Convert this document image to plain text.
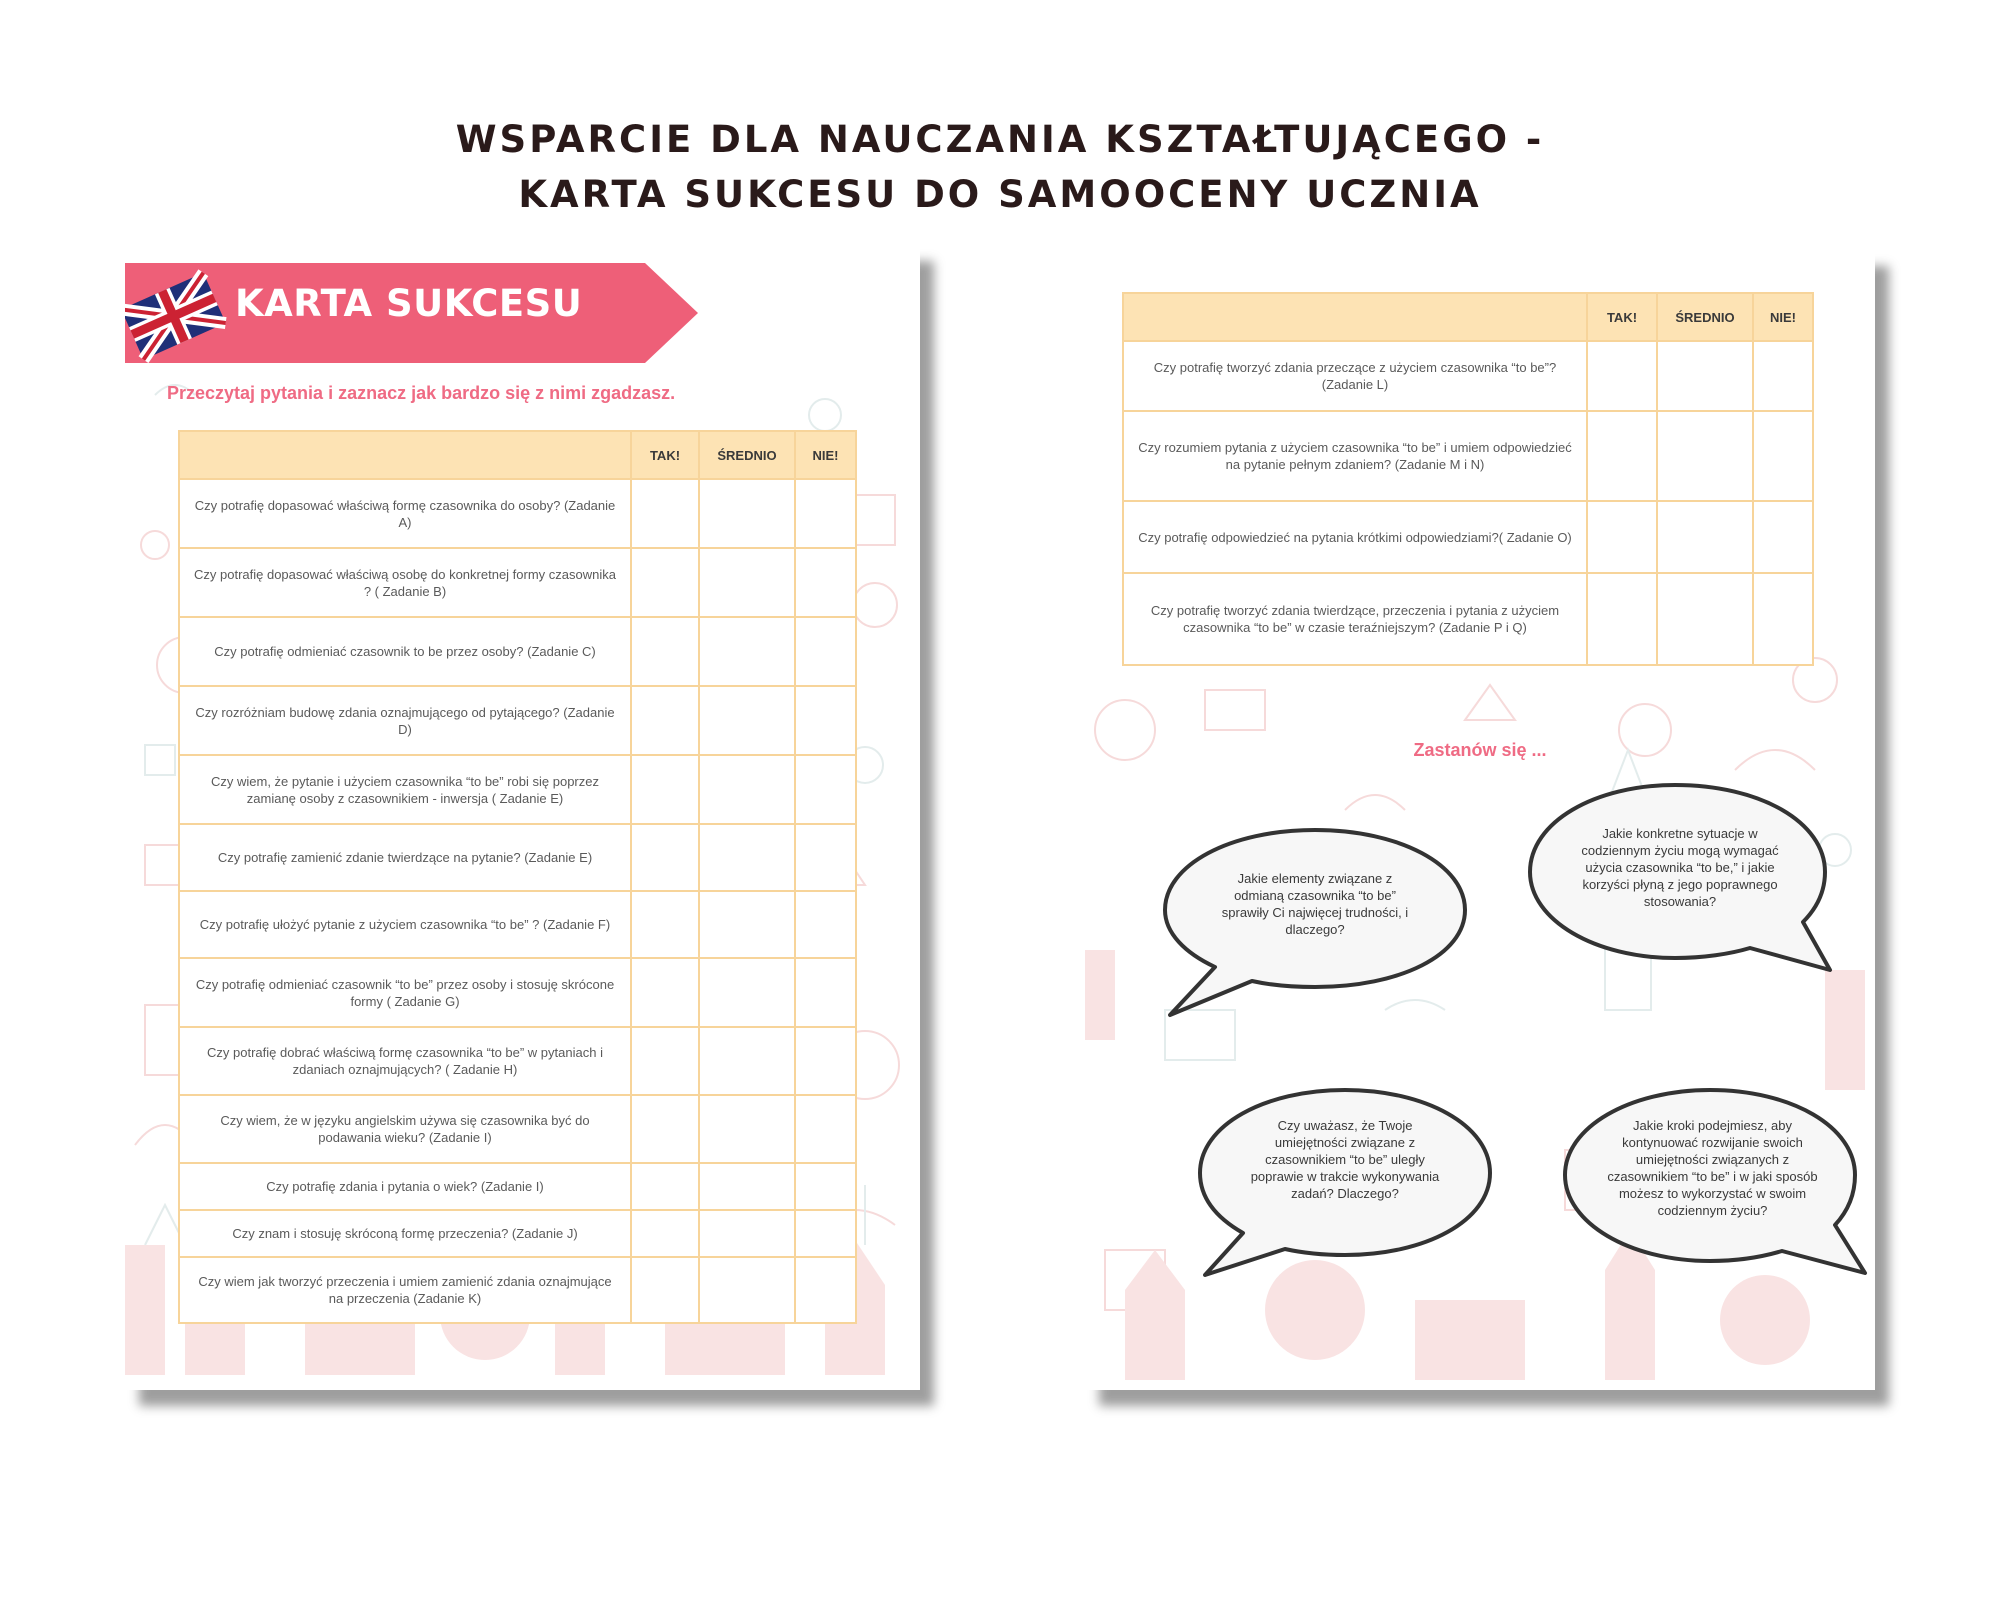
WSPARCIE DLA NAUCZANIA KSZTAŁTUJĄCEGO -
KARTA SUKCESU DO SAMOOCENY UCZNIA
KARTA SUKCESU
Przeczytaj pytania i zaznacz jak bardzo się z nimi zgadzasz.
	TAK!	ŚREDNIO	NIE!
Czy potrafię dopasować właściwą formę czasownika do osoby? (Zadanie A)			
Czy potrafię dopasować właściwą osobę do konkretnej formy czasownika ? ( Zadanie B)			
Czy potrafię odmieniać czasownik to be przez osoby? (Zadanie C)			
Czy rozróżniam budowę zdania oznajmującego od pytającego? (Zadanie D)			
Czy wiem, że pytanie i użyciem czasownika “to be” robi się poprzez zamianę osoby z czasownikiem - inwersja ( Zadanie E)			
Czy potrafię zamienić zdanie twierdzące na pytanie? (Zadanie E)			
Czy potrafię ułożyć pytanie z użyciem czasownika “to be” ? (Zadanie F)			
Czy potrafię odmieniać czasownik “to be” przez osoby i stosuję skrócone formy ( Zadanie G)			
Czy potrafię dobrać właściwą formę czasownika “to be” w pytaniach i zdaniach oznajmujących? ( Zadanie H)			
Czy wiem, że w języku angielskim używa się czasownika być do podawania wieku? (Zadanie I)			
Czy potrafię zdania i pytania o wiek? (Zadanie I)			
Czy znam i stosuję skróconą formę przeczenia? (Zadanie J)			
Czy wiem jak tworzyć przeczenia i umiem zamienić zdania oznajmujące na przeczenia (Zadanie K)			
	TAK!	ŚREDNIO	NIE!
Czy potrafię tworzyć zdania przeczące z użyciem czasownika “to be”? (Zadanie L)			
Czy rozumiem pytania z użyciem czasownika “to be” i umiem odpowiedzieć na pytanie pełnym zdaniem? (Zadanie M i N)			
Czy potrafię odpowiedzieć na pytania krótkimi odpowiedziami?( Zadanie O)			
Czy potrafię tworzyć zdania twierdzące, przeczenia i pytania z użyciem czasownika “to be” w czasie teraźniejszym? (Zadanie P i Q)			
Zastanów się ...
Jakie elementy związane z odmianą czasownika “to be” sprawiły Ci najwięcej trudności, i dlaczego?
Jakie konkretne sytuacje w codziennym życiu mogą wymagać użycia czasownika “to be,” i jakie korzyści płyną z jego poprawnego stosowania?
Czy uważasz, że Twoje umiejętności związane z czasownikiem “to be” uległy poprawie w trakcie wykonywania zadań? Dlaczego?
Jakie kroki podejmiesz, aby kontynuować rozwijanie swoich umiejętności związanych z czasownikiem “to be” i w jaki sposób możesz to wykorzystać w swoim codziennym życiu?
